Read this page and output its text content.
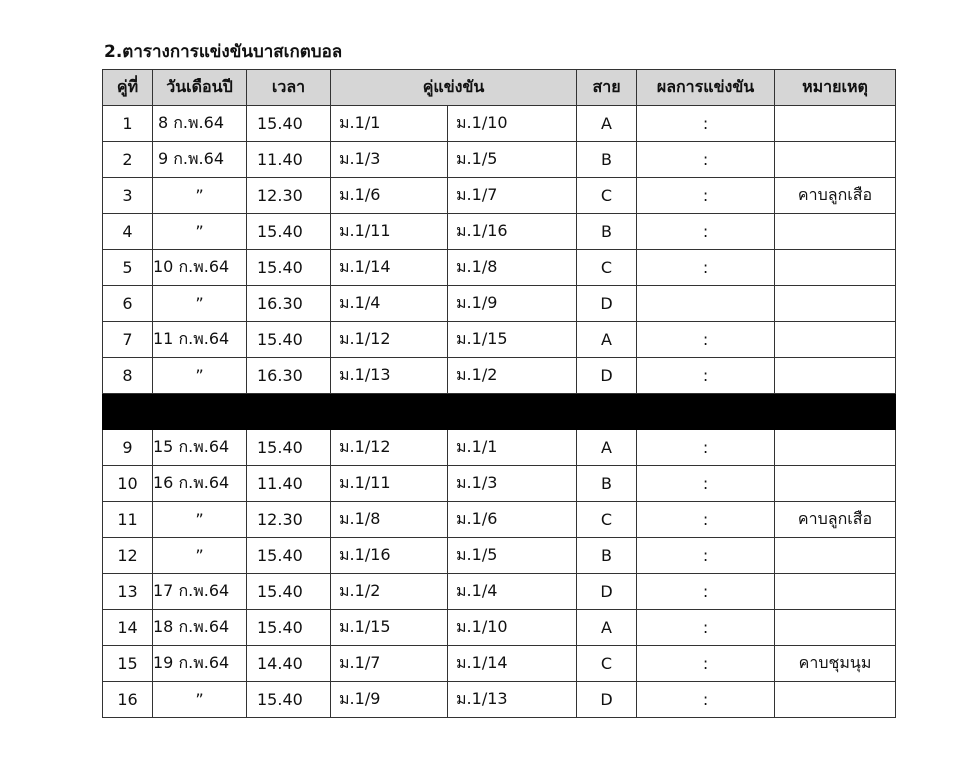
2.ตารางการแข่งขันบาสเกตบอล
คู่ที่	วันเดือนปี	เวลา	คู่แข่งขัน		สาย	ผลการแข่งขัน	หมายเหตุ
1	8 ก.พ.64	15.40	ม.1/1	ม.1/10	A	:	
2	9 ก.พ.64	11.40	ม.1/3	ม.1/5	B	:	
3	”	12.30	ม.1/6	ม.1/7	C	:	คาบลูกเสือ
4	”	15.40	ม.1/11	ม.1/16	B	:	
5	10 ก.พ.64	15.40	ม.1/14	ม.1/8	C	:	
6	”	16.30	ม.1/4	ม.1/9	D		
7	11 ก.พ.64	15.40	ม.1/12	ม.1/15	A	:	
8	”	16.30	ม.1/13	ม.1/2	D	:	

9	15 ก.พ.64	15.40	ม.1/12	ม.1/1	A	:	
10	16 ก.พ.64	11.40	ม.1/11	ม.1/3	B	:	
11	”	12.30	ม.1/8	ม.1/6	C	:	คาบลูกเสือ
12	”	15.40	ม.1/16	ม.1/5	B	:	
13	17 ก.พ.64	15.40	ม.1/2	ม.1/4	D	:	
14	18 ก.พ.64	15.40	ม.1/15	ม.1/10	A	:	
15	19 ก.พ.64	14.40	ม.1/7	ม.1/14	C	:	คาบชุมนุม
16	”	15.40	ม.1/9	ม.1/13	D	:	
